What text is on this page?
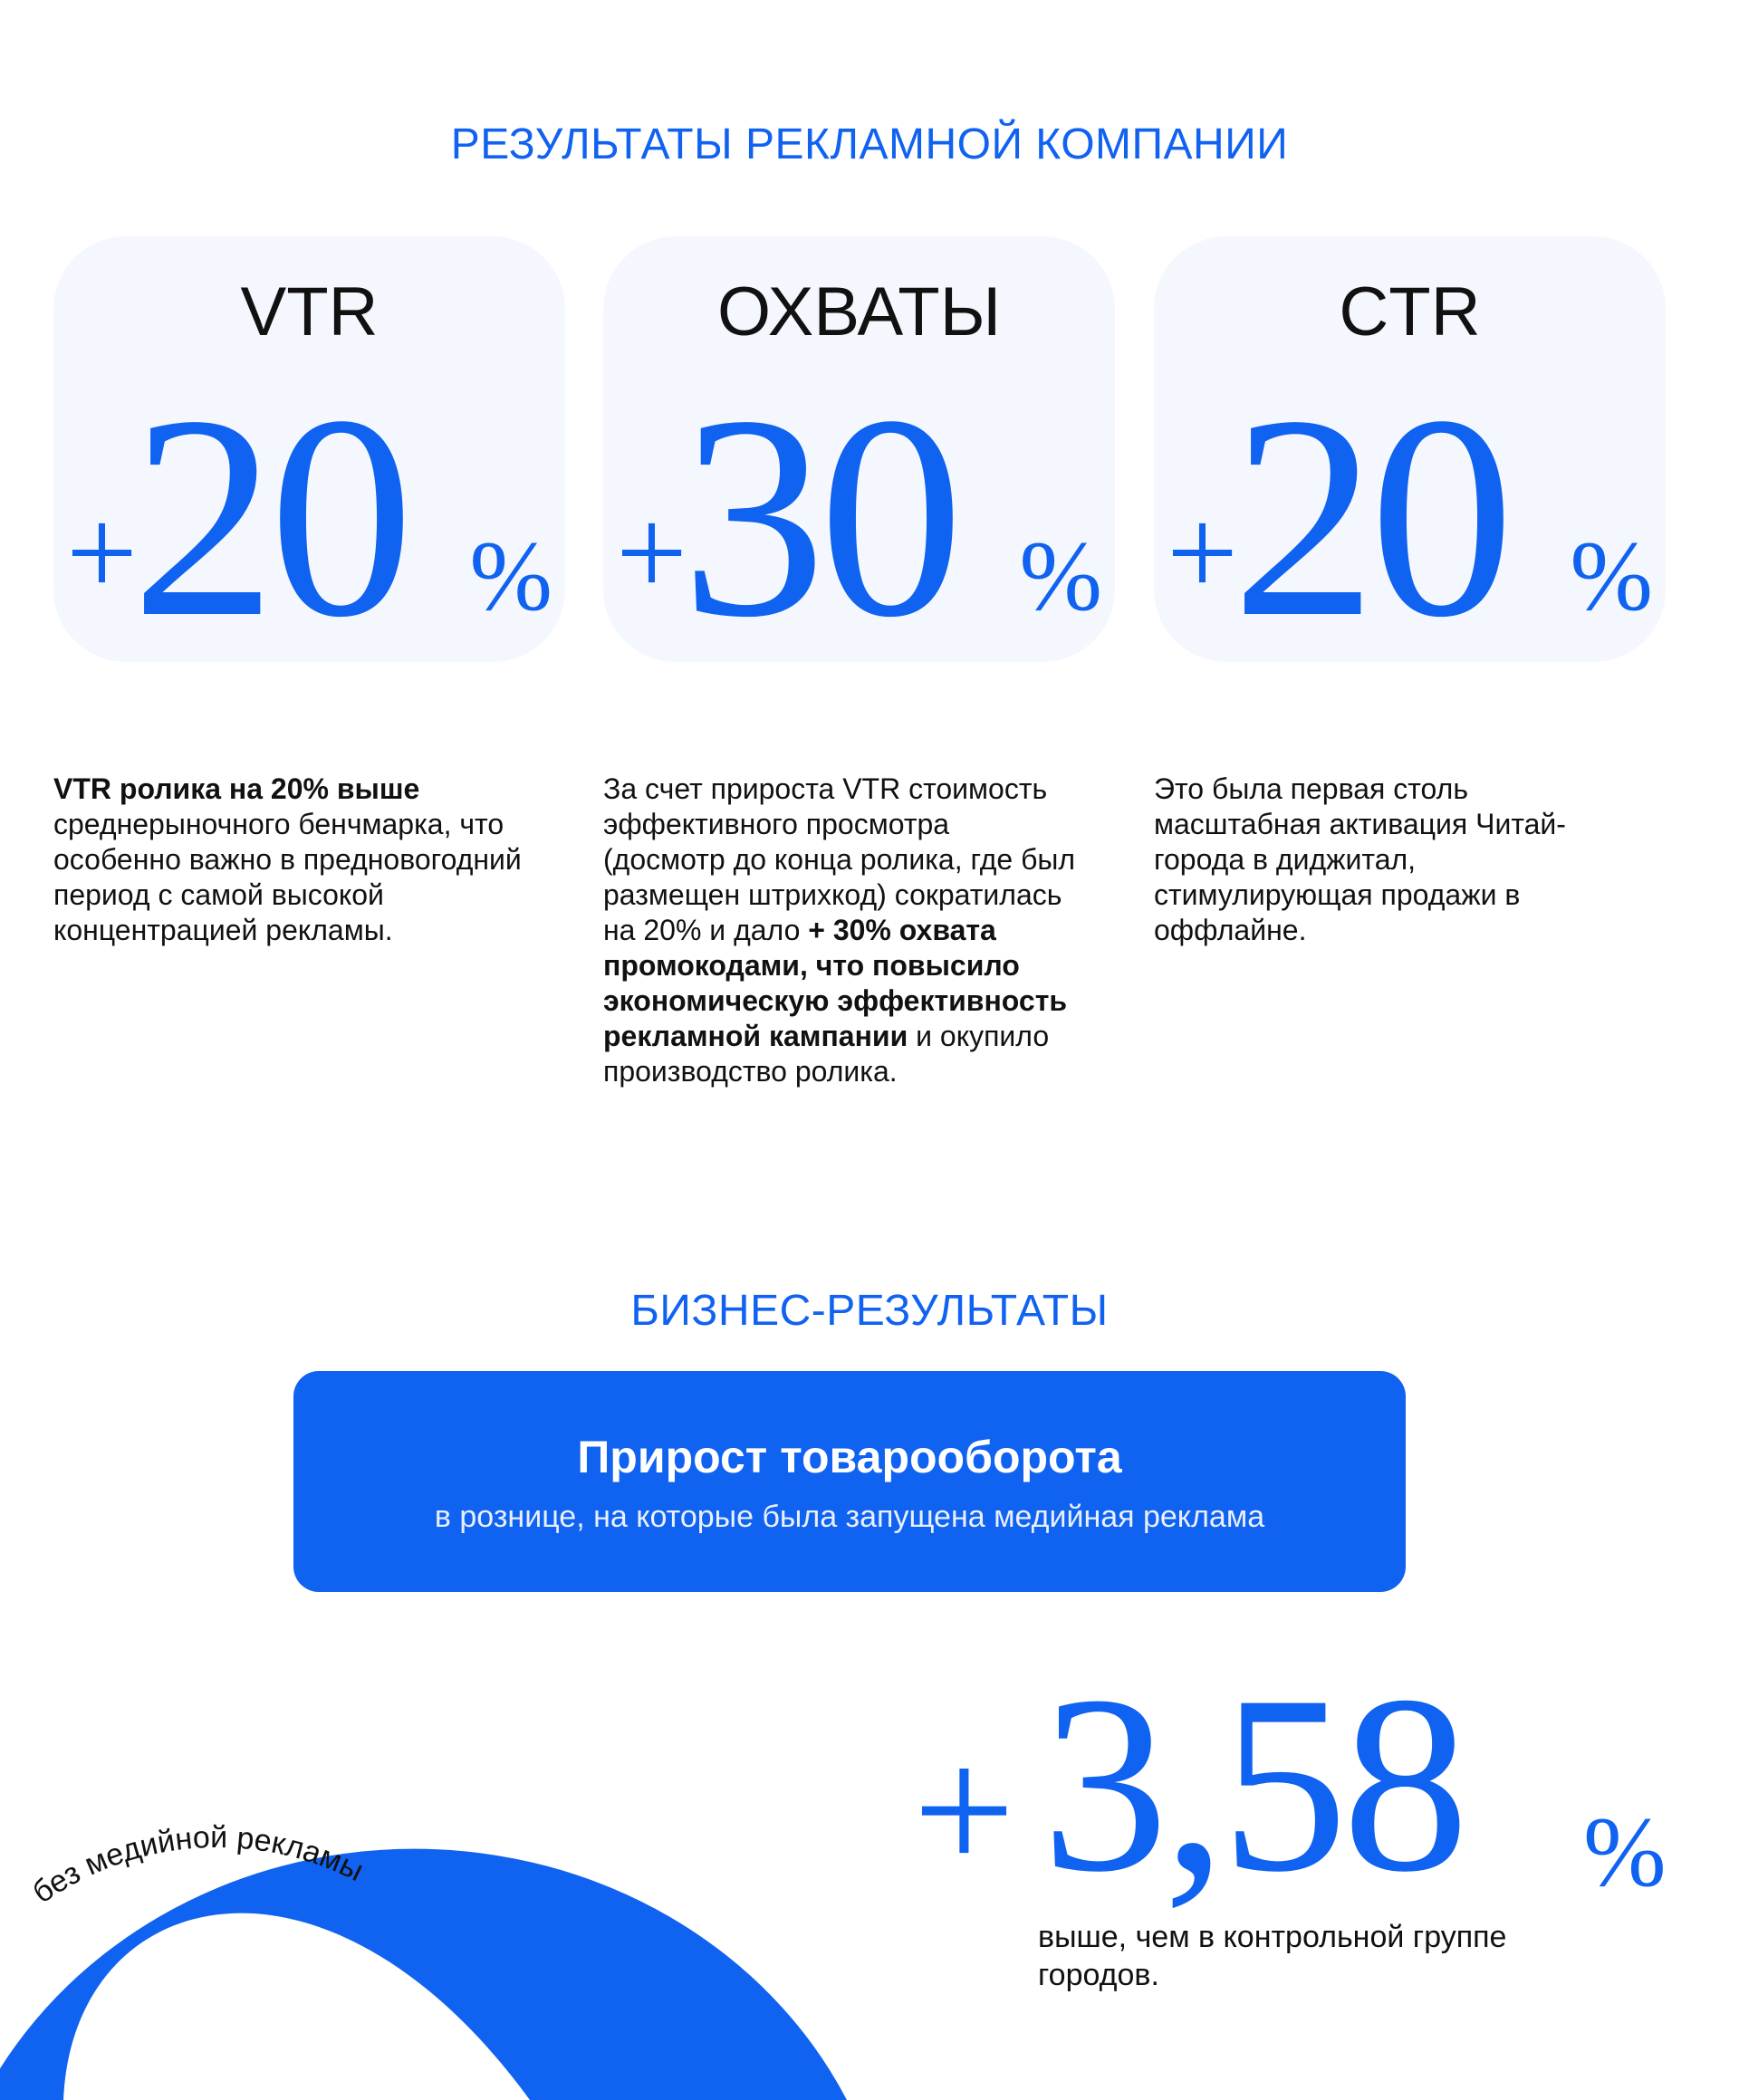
РЕЗУЛЬТАТЫ РЕКЛАМНОЙ КОМПАНИИ
VTR
+
20 %
ОХВАТЫ
+
30 %
CTR
+
20 %
VTR ролика на 20% выше среднерыночного бенчмарка, что особенно важно в предновогодний период с самой высокой концентрацией рекламы.
За счет прироста VTR стоимость эффективного просмотра (досмотр до конца ролика, где был размещен штрихкод) сократилась на 20% и дало + 30% охвата промокодами, что повысило экономическую эффективность рекламной кампании и окупило производство ролика.
Это была первая столь масштабная активация Читай-города в диджитал, стимулирующая продажи в оффлайне.
БИЗНЕС-РЕЗУЛЬТАТЫ
Прирост товарооборота
в рознице, на которые была запущена медийная реклама
с медийной рекламой
без медийной рекламы	+ 3,58 %
выше, чем в контрольной группе городов.
